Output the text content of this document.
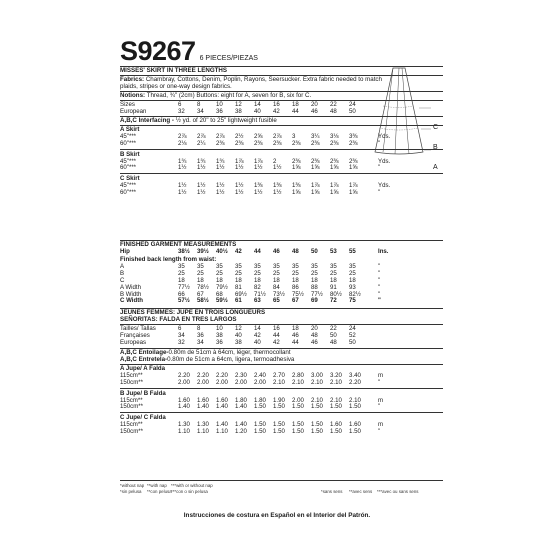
S9267 6 PIECES/PIEZAS
MISSES' SKIRT IN THREE LENGTHS
Fabrics: Chambray, Cottons, Denim, Poplin, Rayons, Seersucker. Extra fabric needed to match plaids, stripes or one-way design fabrics.
Notions: Thread, ¾" (2cm) Buttons: eight for A, seven for B, six for C.
C
B
A
Sizes	6	8	10	12	14	16	18	20	22	24
European	32	34	36	38	40	42	44	46	48	50
A,B,C Interfacing - ½ yd. of 20" to 25" lightweight fusible
A Skirt
45"***	2⅞	2⅞	2⅞	2½	2⅝	2⅞	3	3¼	3⅛	3⅜	Yds.
60"***	2⅛	2¼	2⅜	2⅜	2⅜	2⅜	2⅜	2⅜	2⅜	2⅜	"
B Skirt
45"***	1¾	1¾	1¾	1⅞	1⅞	2	2⅜	2⅜	2⅜	2⅜	Yds.
60"***	1½	1½	1½	1½	1½	1½	1⅝	1⅝	1⅝	1⅝	"
C Skirt
45"***	1½	1½	1½	1½	1⅜	1⅜	1⅜	1⅞	1⅞	1⅞	Yds.
60"***	1½	1½	1½	1½	1½	1½	1⅝	1⅝	1⅝	1⅝	"
FINISHED GARMENT MEASUREMENTS
Hip	38½	39½	40½	42	44	46	48	50	53	55	Ins.
Finished back length from waist:
A	35	35	35	35	35	35	35	35	35	35	"
B	25	25	25	25	25	25	25	25	25	25	"
C	18	18	18	18	18	18	18	18	18	18	"
A Width	77½	78½	79½	81	82	84	86	88	91	93	"
B Width	66	67	68	69½	71½	73½	75½	77½	80½	82½	"
C Width	57½	58½	59½	61	63	65	67	69	72	75	"
JEUNES FEMMES: JUPE EN TROIS LONGUEURS
SEÑORITAS: FALDA EN TRES LARGOS
Tailles/ Tallas	6	8	10	12	14	16	18	20	22	24
Françaises	34	36	38	40	42	44	46	48	50	52
Europeas	32	34	36	38	40	42	44	46	48	50
A,B,C Entoilage-0.80m de 51cm à 64cm, léger, thermocollant
A,B,C Entretela-0.80m de 51cm a 64cm, ligera, termoadhesiva
A Jupe/ A Falda
115cm**	2.20	2.20	2.20	2.30	2.40	2.70	2.80	3.00	3.20	3.40	m
150cm**	2.00	2.00	2.00	2.00	2.00	2.10	2.10	2.10	2.10	2.20	"
B Jupe/ B Falda
115cm**	1.60	1.60	1.60	1.80	1.80	1.90	2.00	2.10	2.10	2.10	m
150cm**	1.40	1.40	1.40	1.40	1.50	1.50	1.50	1.50	1.50	1.50	"
C Jupe/ C Falda
115cm**	1.30	1.30	1.40	1.40	1.50	1.50	1.50	1.50	1.60	1.60	m
150cm**	1.10	1.10	1.10	1.20	1.50	1.50	1.50	1.50	1.50	1.50	"
*without nap **with nap ***with or without nap
*sin pelusa **con pelusa ***con o sin pelusa	*sans sens **avec sens ***avec ou sans sens
Instrucciones de costura en Español en el Interior del Patrón.
